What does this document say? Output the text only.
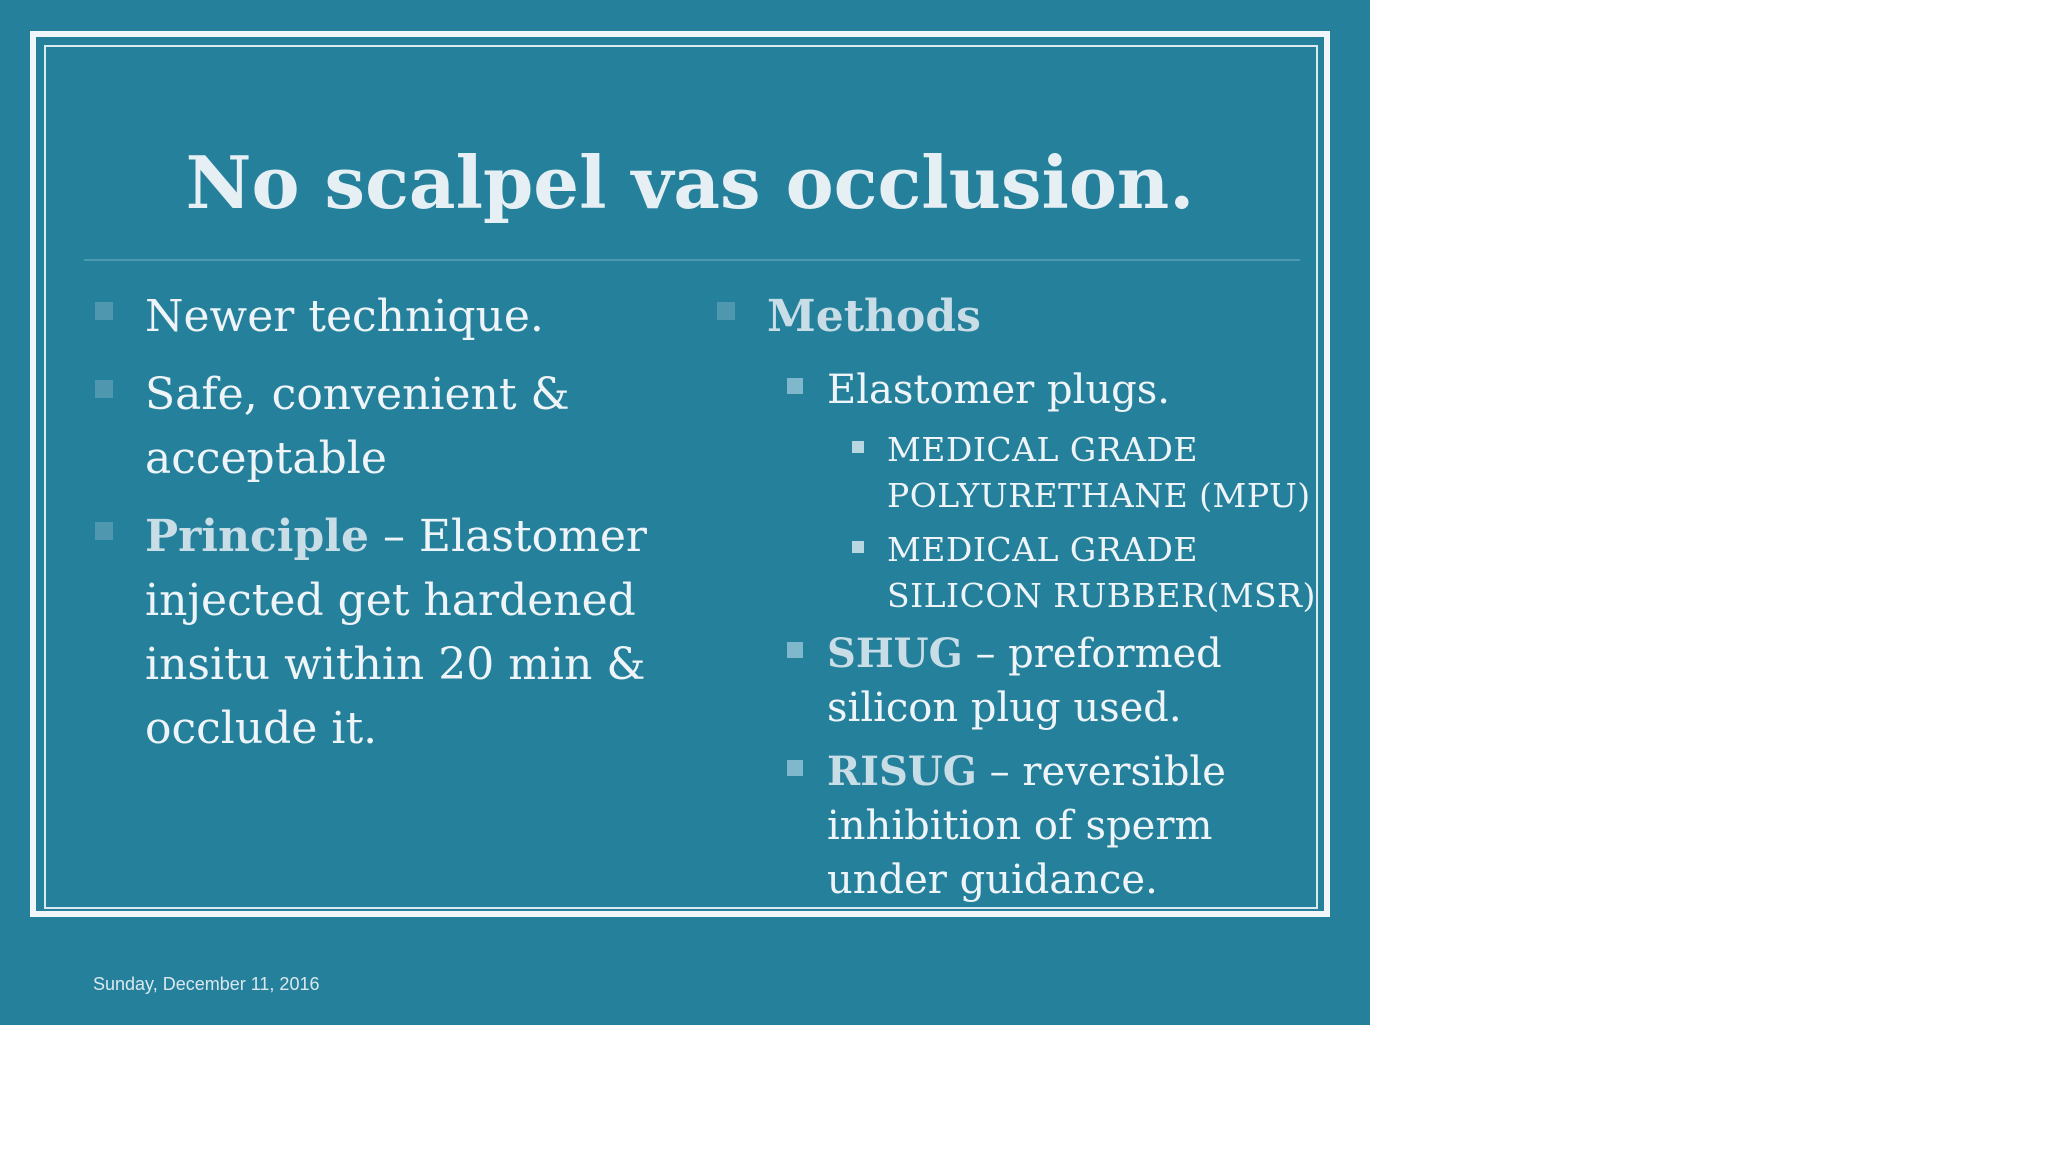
No scalpel vas occlusion.
Newer technique.
Safe, convenient & acceptable
Principle – Elastomer injected get hardened insitu within 20 min & occlude it.
Methods
Elastomer plugs.
MEDICAL GRADE POLYURETHANE (MPU)
MEDICAL GRADE SILICON RUBBER(MSR)
SHUG – preformed silicon plug used.
RISUG – reversible inhibition of sperm under guidance.
Sunday, December 11, 2016
